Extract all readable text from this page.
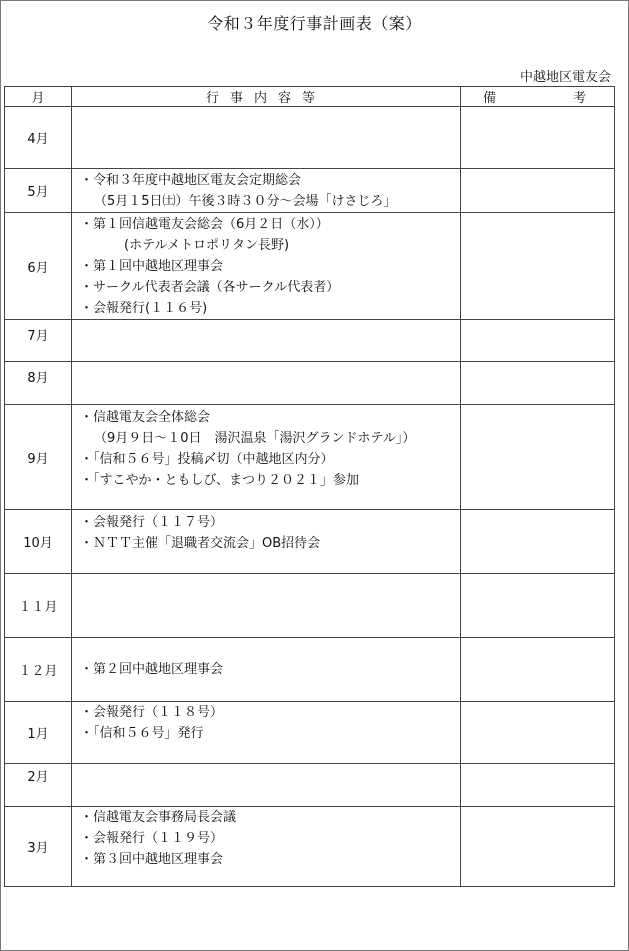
令和３年度行事計画表（案）
中越地区電友会
月	行事内容等	備 考

4月		
5月	・令和３年度中越地区電友会定期総会
（5月１5日㈯）午後３時３０分～会場「けさじろ」	

6月	・第１回信越電友会総会（6月２日（水））
(ホテルメトロポリタン長野)
・第１回中越地区理事会
・サークル代表者会議（各サークル代表者）
・会報発行(１１６号)	

7月		
8月		
9月	・信越電友会全体総会
（9月９日～１0日　湯沢温泉「湯沢グランドホテル」）
・「信和５６号」投稿〆切（中越地区内分）
・「すこやか・ともしび、まつり２０２１」参加	

10月	・会報発行（１１７号）
・ＮＴＴ主催「退職者交流会」OB招待会	

１１月		
１２月	・第２回中越地区理事会	

1月	・会報発行（１１８号）
・「信和５６号」発行	

2月		
3月	・信越電友会事務局長会議
・会報発行（１１９号）
・第３回中越地区理事会	
